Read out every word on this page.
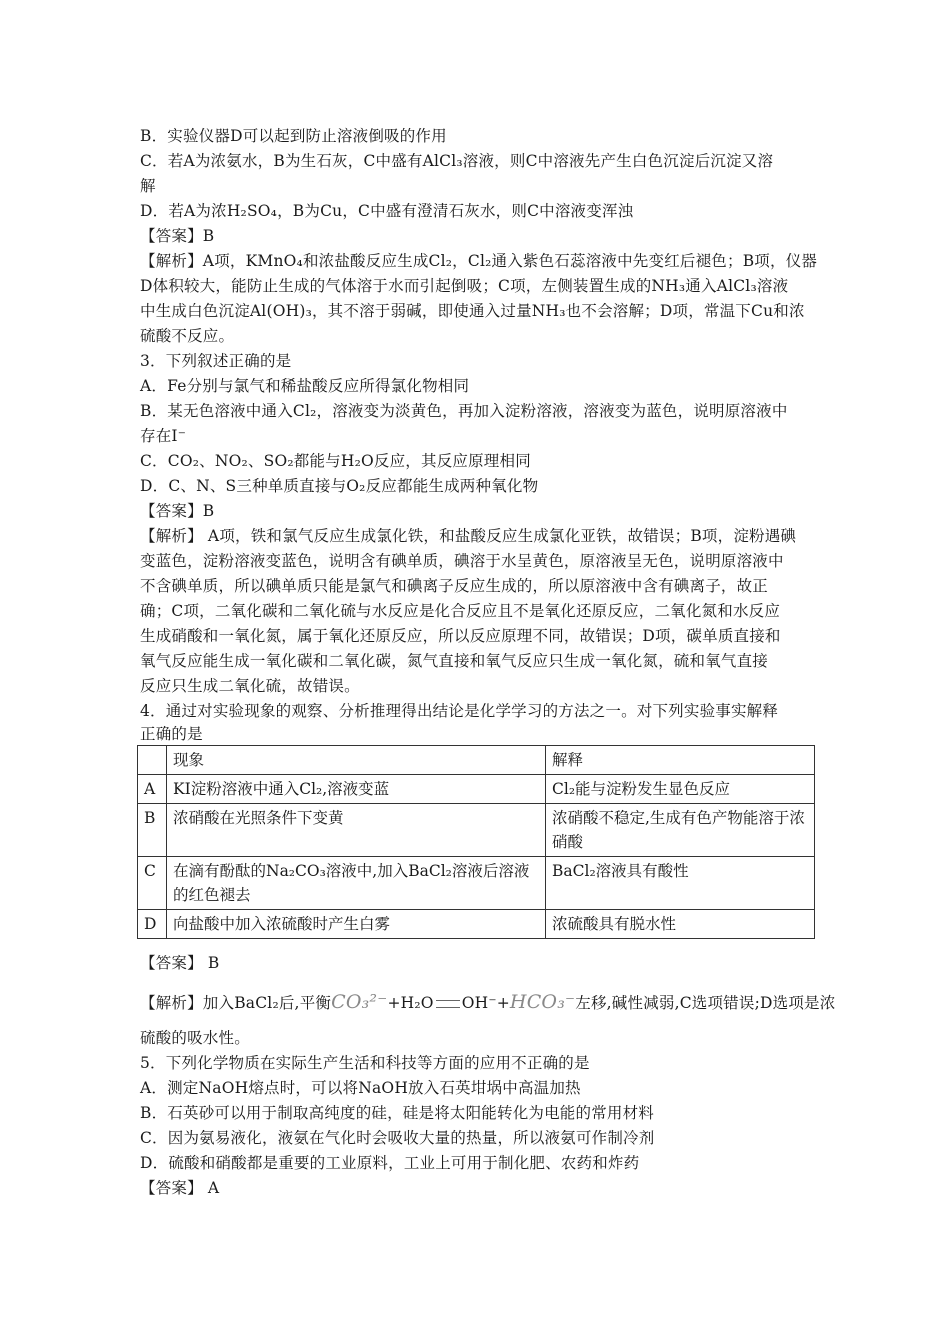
B．实验仪器D可以起到防止溶液倒吸的作用
C．若A为浓氨水，B为生石灰，C中盛有AlCl₃溶液，则C中溶液先产生白色沉淀后沉淀又溶
解
D．若A为浓H₂SO₄，B为Cu，C中盛有澄清石灰水，则C中溶液变浑浊
【答案】B
【解析】A项，KMnO₄和浓盐酸反应生成Cl₂，Cl₂通入紫色石蕊溶液中先变红后褪色；B项，仪器
D体积较大，能防止生成的气体溶于水而引起倒吸；C项，左侧装置生成的NH₃通入AlCl₃溶液
中生成白色沉淀Al(OH)₃，其不溶于弱碱，即使通入过量NH₃也不会溶解；D项，常温下Cu和浓
硫酸不反应。
3．下列叙述正确的是
A．Fe分别与氯气和稀盐酸反应所得氯化物相同
B．某无色溶液中通入Cl₂，溶液变为淡黄色，再加入淀粉溶液，溶液变为蓝色，说明原溶液中
存在I⁻
C．CO₂、NO₂、SO₂都能与H₂O反应，其反应原理相同
D．C、N、S三种单质直接与O₂反应都能生成两种氧化物
【答案】B
【解析】 A项，铁和氯气反应生成氯化铁，和盐酸反应生成氯化亚铁，故错误；B项，淀粉遇碘
变蓝色，淀粉溶液变蓝色，说明含有碘单质，碘溶于水呈黄色，原溶液呈无色，说明原溶液中
不含碘单质，所以碘单质只能是氯气和碘离子反应生成的，所以原溶液中含有碘离子，故正
确；C项，二氧化碳和二氧化硫与水反应是化合反应且不是氧化还原反应，二氧化氮和水反应
生成硝酸和一氧化氮，属于氧化还原反应，所以反应原理不同，故错误；D项，碳单质直接和
氧气反应能生成一氧化碳和二氧化碳，氮气直接和氧气反应只生成一氧化氮，硫和氧气直接
反应只生成二氧化硫，故错误。
4．通过对实验现象的观察、分析推理得出结论是化学学习的方法之一。对下列实验事实解释
正确的是
	现象	解释
A	KI淀粉溶液中通入Cl₂,溶液变蓝	Cl₂能与淀粉发生显色反应
B	浓硝酸在光照条件下变黄	浓硝酸不稳定,生成有色产物能溶于浓硝酸
C	在滴有酚酞的Na₂CO₃溶液中,加入BaCl₂溶液后溶液的红色褪去	BaCl₂溶液具有酸性
D	向盐酸中加入浓硫酸时产生白雾	浓硫酸具有脱水性
【答案】 B
【解析】加入BaCl₂后,平衡CO₃²⁻+H₂O OH⁻+HCO₃⁻左移,碱性减弱,C选项错误;D选项是浓
硫酸的吸水性。
5．下列化学物质在实际生产生活和科技等方面的应用不正确的是
A．测定NaOH熔点时，可以将NaOH放入石英坩埚中高温加热
B．石英砂可以用于制取高纯度的硅，硅是将太阳能转化为电能的常用材料
C．因为氨易液化，液氨在气化时会吸收大量的热量，所以液氨可作制冷剂
D．硫酸和硝酸都是重要的工业原料，工业上可用于制化肥、农药和炸药
【答案】 A
